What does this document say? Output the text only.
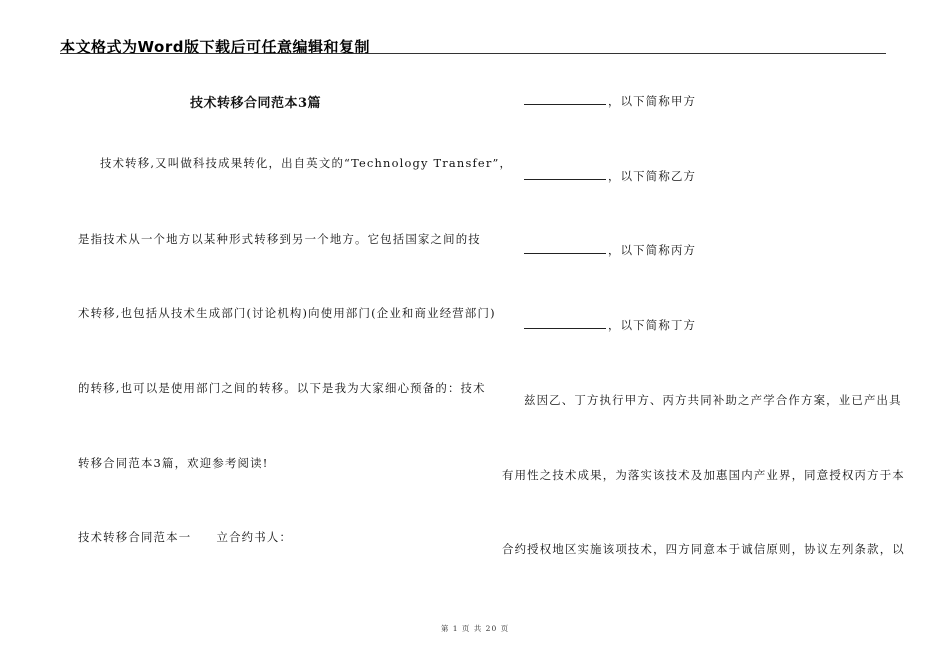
本文格式为Word版下载后可任意编辑和复制
技术转移合同范本3篇
技术转移,又叫做科技成果转化，出自英文的“Technology Transfer”，
是指技术从一个地方以某种形式转移到另一个地方。它包括国家之间的技
术转移,也包括从技术生成部门(讨论机构)向使用部门(企业和商业经营部门)
的转移,也可以是使用部门之间的转移。以下是我为大家细心预备的：技术
转移合同范本3篇，欢迎参考阅读!
技术转移合同范本一　　立合约书人：
，以下简称甲方
，以下简称乙方
，以下简称丙方
，以下简称丁方
兹因乙、丁方执行甲方、丙方共同补助之产学合作方案，业已产出具
有用性之技术成果，为落实该技术及加惠国内产业界，同意授权丙方于本
合约授权地区实施该项技术，四方同意本于诚信原则，协议左列条款，以
第 1 页 共 20 页
